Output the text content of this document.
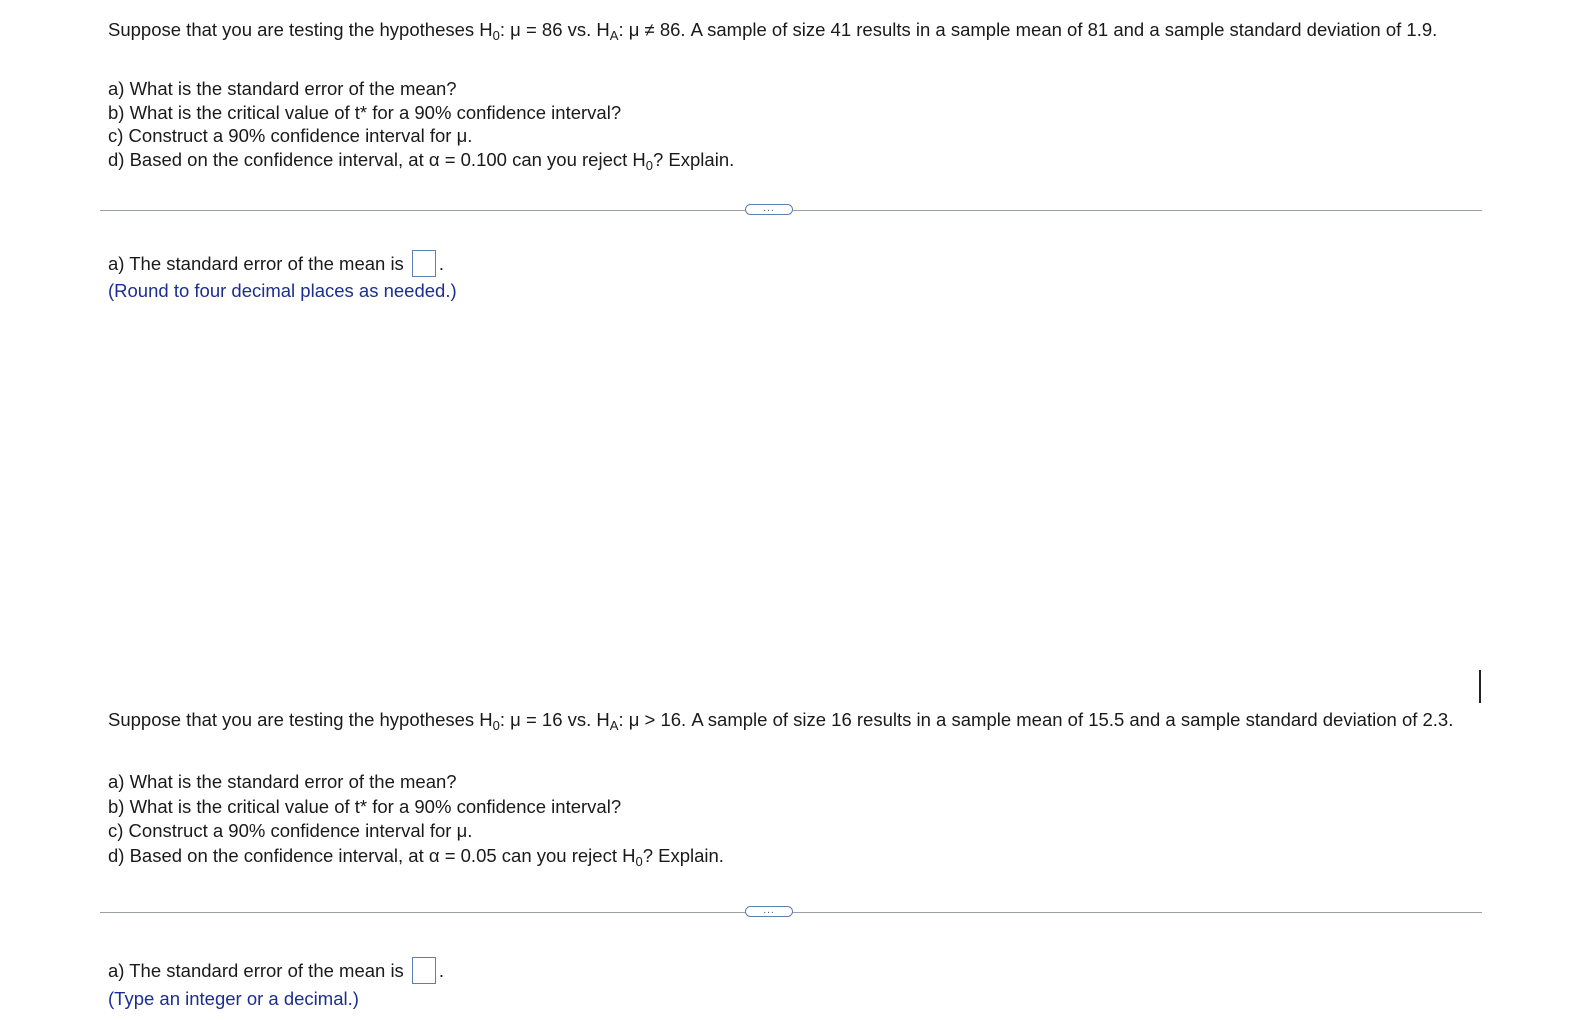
Suppose that you are testing the hypotheses $H_0$: μ = 86 vs. $H_A$: μ ≠ 86. A sample of size 41 results in a sample mean of 81 and a sample standard deviation of 1.9.
a) What is the standard error of the mean?
b) What is the critical value of t* for a 90% confidence interval?
c) Construct a 90% confidence interval for μ.
d) Based on the confidence interval, at α = 0.100 can you reject $H_0$? Explain.
...
a) The standard error of the mean is .
(Round to four decimal places as needed.)
Suppose that you are testing the hypotheses $H_0$: μ = 16 vs. $H_A$: μ > 16. A sample of size 16 results in a sample mean of 15.5 and a sample standard deviation of 2.3.
a) What is the standard error of the mean?
b) What is the critical value of t* for a 90% confidence interval?
c) Construct a 90% confidence interval for μ.
d) Based on the confidence interval, at α = 0.05 can you reject $H_0$? Explain.
...
a) The standard error of the mean is .
(Type an integer or a decimal.)
